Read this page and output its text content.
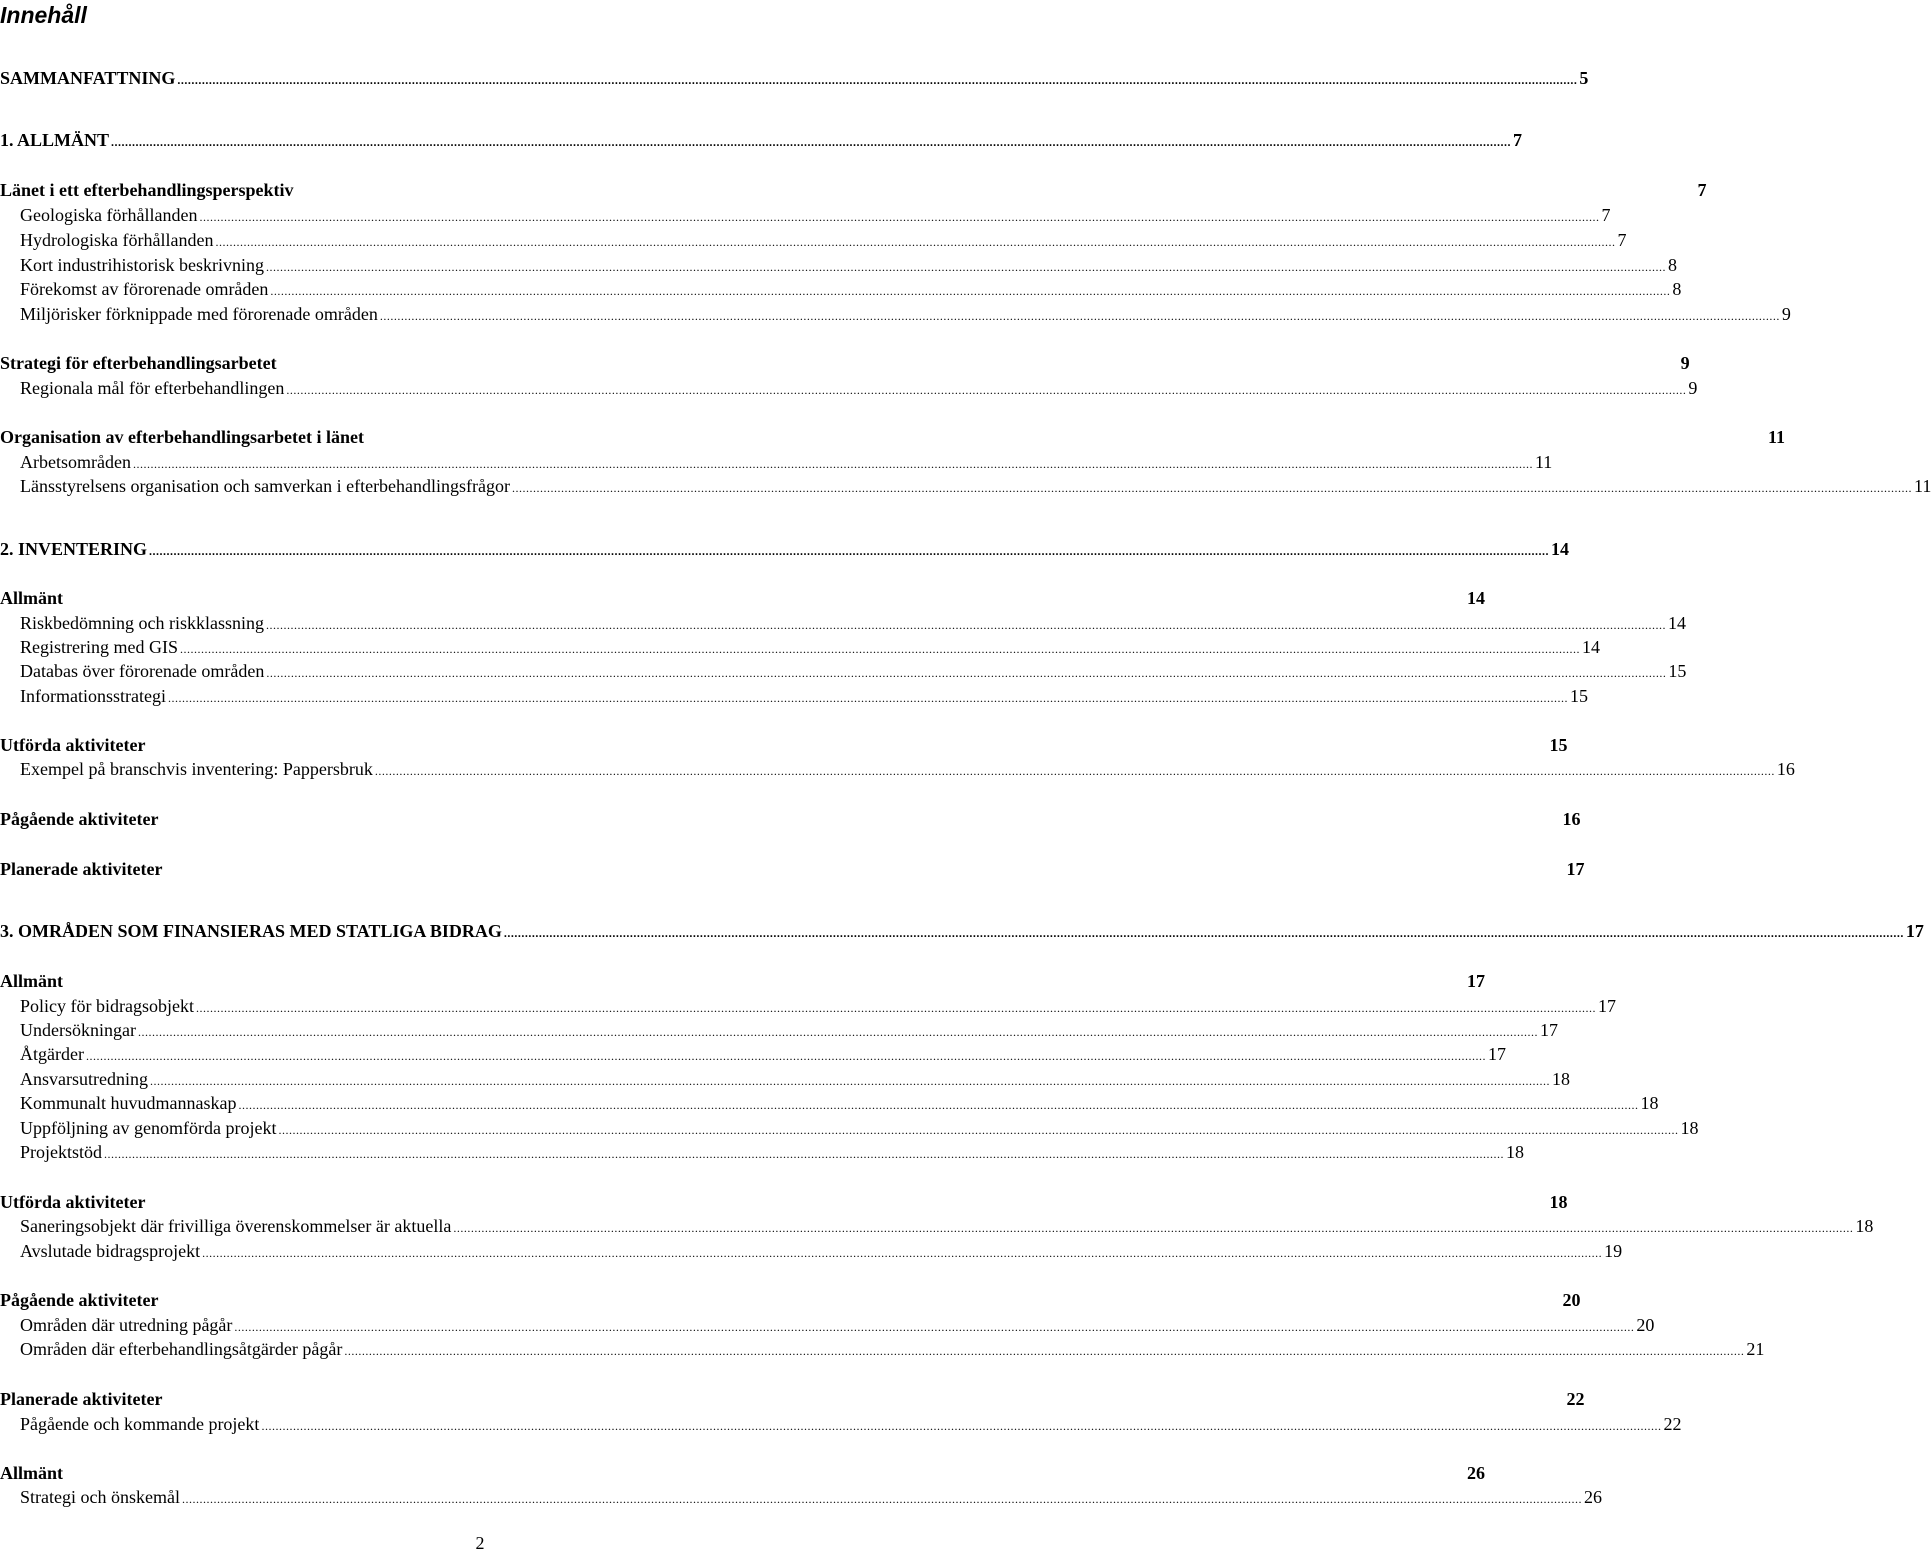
Innehåll
SAMMANFATTNING ................................................................................................................................................................................................................................................................................................................................................................................................................ 5
1. ALLMÄNT ................................................................................................................................................................................................................................................................................................................................................................................................................ 7
Länet i ett efterbehandlingsperspektiv	7
Geologiska förhållanden ................................................................................................................................................................................................................................................................................................................................................................................................................ 7
Hydrologiska förhållanden ................................................................................................................................................................................................................................................................................................................................................................................................................ 7
Kort industrihistorisk beskrivning ................................................................................................................................................................................................................................................................................................................................................................................................................ 8
Förekomst av förorenade områden ................................................................................................................................................................................................................................................................................................................................................................................................................ 8
Miljörisker förknippade med förorenade områden ................................................................................................................................................................................................................................................................................................................................................................................................................ 9
Strategi för efterbehandlingsarbetet	9
Regionala mål för efterbehandlingen ................................................................................................................................................................................................................................................................................................................................................................................................................ 9
Organisation av efterbehandlingsarbetet i länet	11
Arbetsområden ................................................................................................................................................................................................................................................................................................................................................................................................................ 11
Länsstyrelsens organisation och samverkan i efterbehandlingsfrågor ................................................................................................................................................................................................................................................................................................................................................................................................................ 11
2. INVENTERING ................................................................................................................................................................................................................................................................................................................................................................................................................ 14
Allmänt	14
Riskbedömning och riskklassning ................................................................................................................................................................................................................................................................................................................................................................................................................ 14
Registrering med GIS ................................................................................................................................................................................................................................................................................................................................................................................................................ 14
Databas över förorenade områden ................................................................................................................................................................................................................................................................................................................................................................................................................ 15
Informationsstrategi ................................................................................................................................................................................................................................................................................................................................................................................................................ 15
Utförda aktiviteter	15
Exempel på branschvis inventering: Pappersbruk ................................................................................................................................................................................................................................................................................................................................................................................................................ 16
Pågående aktiviteter	16
Planerade aktiviteter	17
3. OMRÅDEN SOM FINANSIERAS MED STATLIGA BIDRAG ................................................................................................................................................................................................................................................................................................................................................................................................................ 17
Allmänt	17
Policy för bidragsobjekt ................................................................................................................................................................................................................................................................................................................................................................................................................ 17
Undersökningar ................................................................................................................................................................................................................................................................................................................................................................................................................ 17
Åtgärder ................................................................................................................................................................................................................................................................................................................................................................................................................ 17
Ansvarsutredning ................................................................................................................................................................................................................................................................................................................................................................................................................ 18
Kommunalt huvudmannaskap ................................................................................................................................................................................................................................................................................................................................................................................................................ 18
Uppföljning av genomförda projekt ................................................................................................................................................................................................................................................................................................................................................................................................................ 18
Projektstöd ................................................................................................................................................................................................................................................................................................................................................................................................................ 18
Utförda aktiviteter	18
Saneringsobjekt där frivilliga överenskommelser är aktuella ................................................................................................................................................................................................................................................................................................................................................................................................................ 18
Avslutade bidragsprojekt ................................................................................................................................................................................................................................................................................................................................................................................................................ 19
Pågående aktiviteter	20
Områden där utredning pågår ................................................................................................................................................................................................................................................................................................................................................................................................................ 20
Områden där efterbehandlingsåtgärder pågår ................................................................................................................................................................................................................................................................................................................................................................................................................ 21
Planerade aktiviteter	22
Pågående och kommande projekt ................................................................................................................................................................................................................................................................................................................................................................................................................ 22
Allmänt	26
Strategi och önskemål ................................................................................................................................................................................................................................................................................................................................................................................................................ 26
2
